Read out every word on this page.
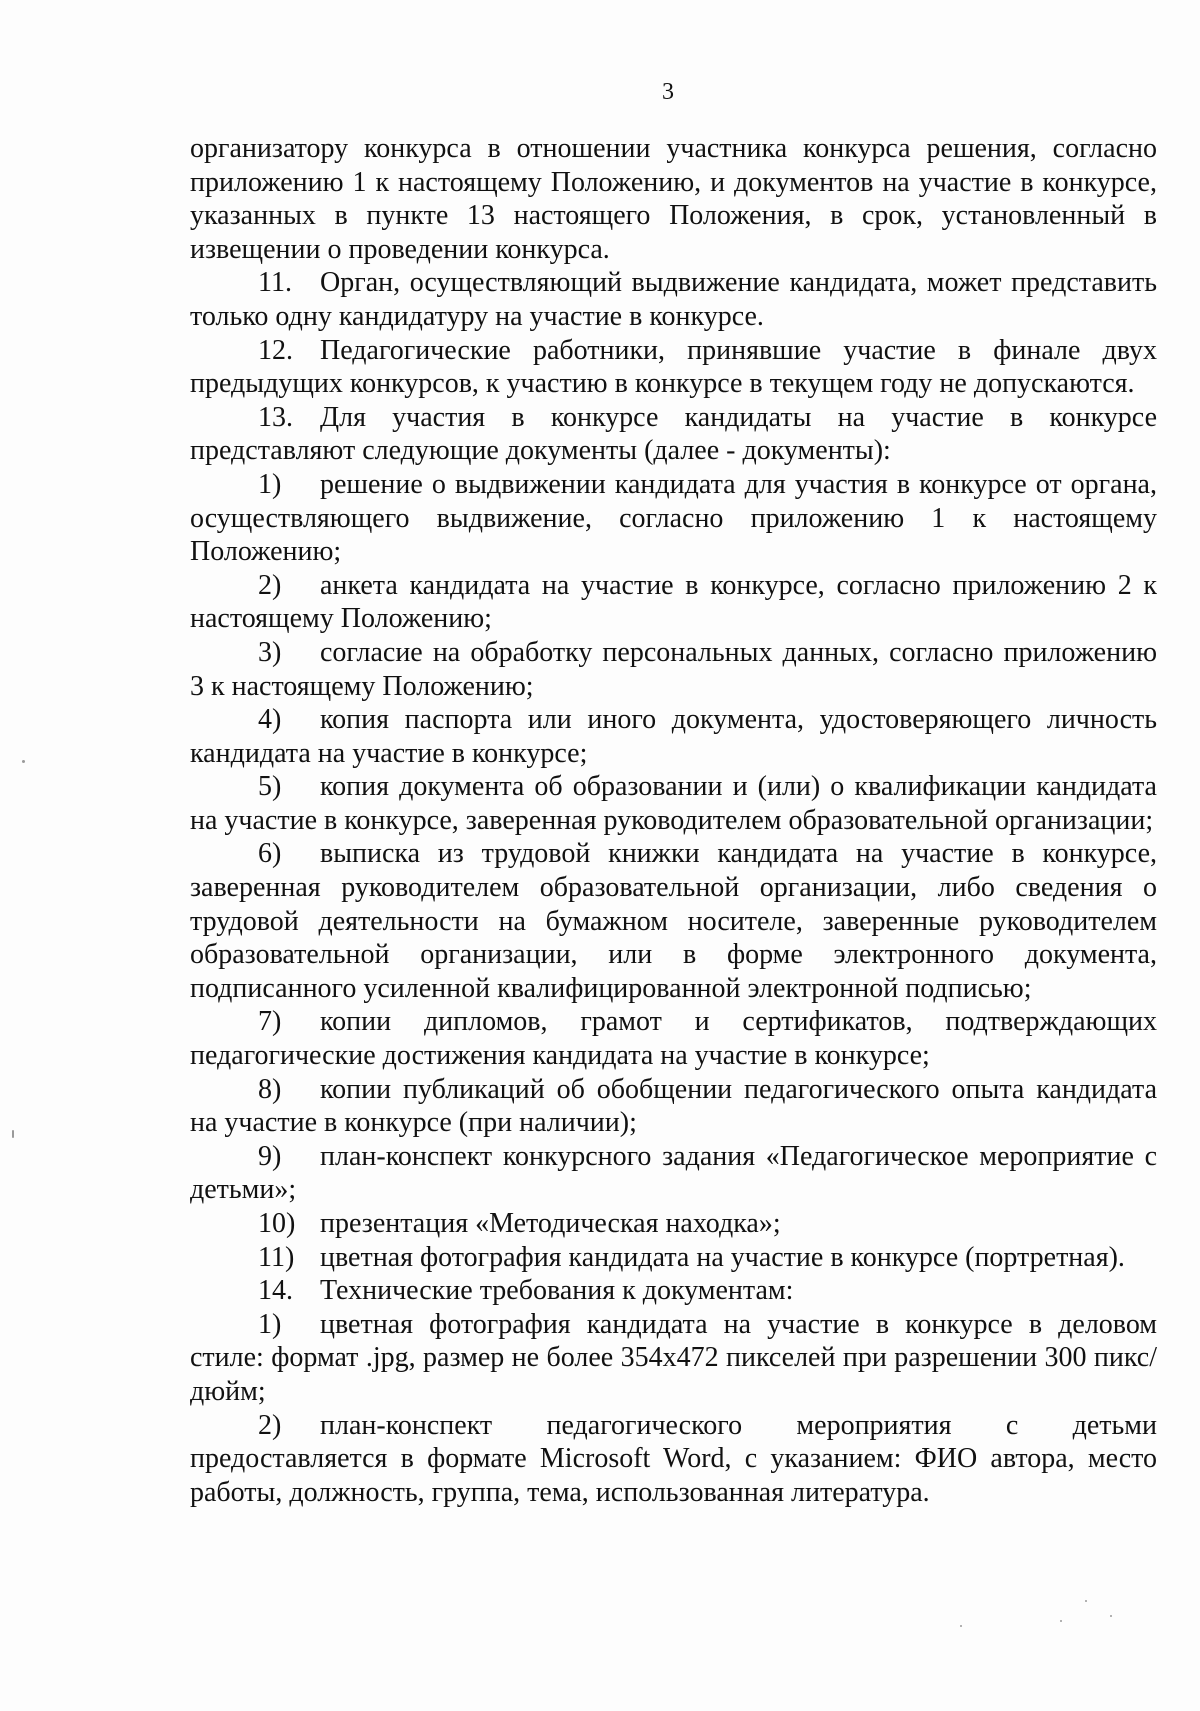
3

организатору конкурса в отношении участника конкурса решения, согласно приложению 1 к настоящему Положению, и документов на участие в конкурсе, указанных в пункте 13 настоящего Положения, в срок, установленный в извещении о проведении конкурса.

11. Орган, осуществляющий выдвижение кандидата, может представить только одну кандидатуру на участие в конкурсе.

12. Педагогические работники, принявшие участие в финале двух предыдущих конкурсов, к участию в конкурсе в текущем году не допускаются.

13. Для участия в конкурсе кандидаты на участие в конкурсе представляют следующие документы (далее - документы):

1) решение о выдвижении кандидата для участия в конкурсе от органа, осуществляющего выдвижение, согласно приложению 1 к настоящему Положению;

2) анкета кандидата на участие в конкурсе, согласно приложению 2 к настоящему Положению;

3) согласие на обработку персональных данных, согласно приложению 3 к настоящему Положению;

4) копия паспорта или иного документа, удостоверяющего личность кандидата на участие в конкурсе;

5) копия документа об образовании и (или) о квалификации кандидата на участие в конкурсе, заверенная руководителем образовательной организации;

6) выписка из трудовой книжки кандидата на участие в конкурсе, заверенная руководителем образовательной организации, либо сведения о трудовой деятельности на бумажном носителе, заверенные руководителем образовательной организации, или в форме электронного документа, подписанного усиленной квалифицированной электронной подписью;

7) копии дипломов, грамот и сертификатов, подтверждающих педагогические достижения кандидата на участие в конкурсе;

8) копии публикаций об обобщении педагогического опыта кандидата на участие в конкурсе (при наличии);

9) план-конспект конкурсного задания «Педагогическое мероприятие с детьми»;

10) презентация «Методическая находка»;

11) цветная фотография кандидата на участие в конкурсе (портретная).

14. Технические требования к документам:

1) цветная фотография кандидата на участие в конкурсе в деловом стиле: формат .jpg, размер не более 354x472 пикселей при разрешении 300 пикс/дюйм;

2) план-конспект педагогического мероприятия с детьми предоставляется в формате Microsoft Word, с указанием: ФИО автора, место работы, должность, группа, тема, использованная литература.
